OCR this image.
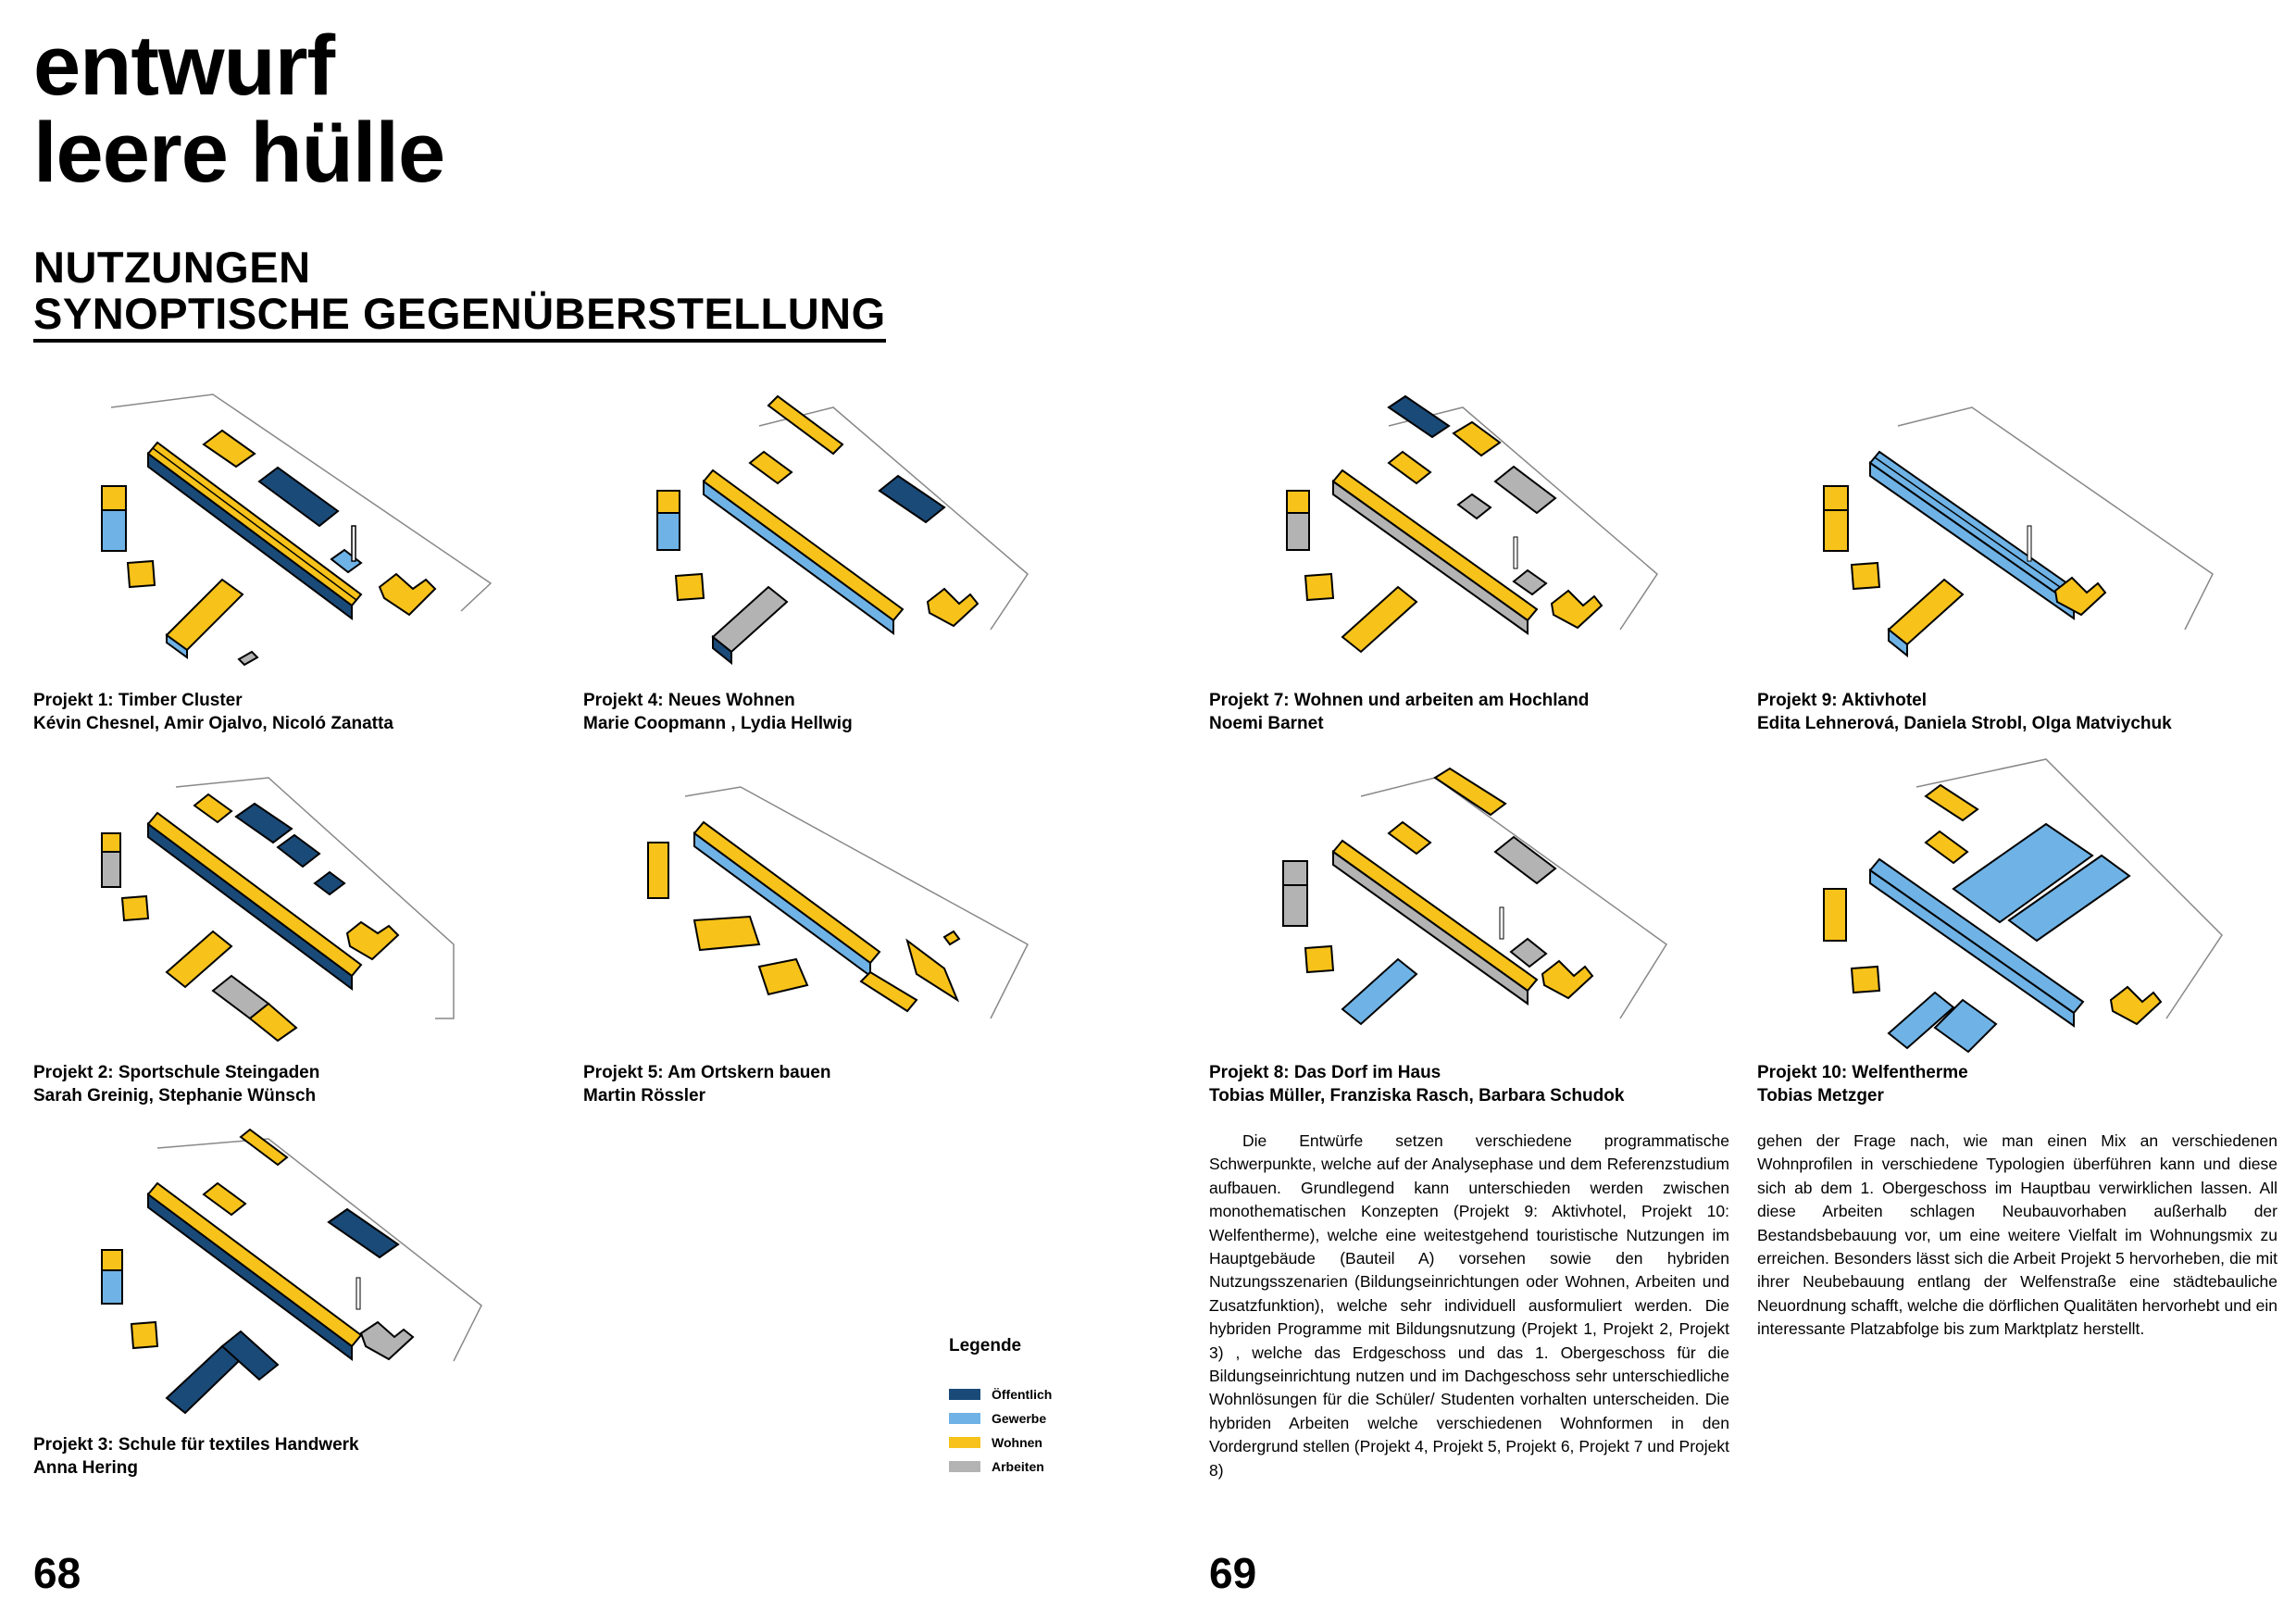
entwurf
leere hülle
NUTZUNGEN
SYNOPTISCHE GEGENÜBERSTELLUNG
Projekt 1: Timber Cluster
Kévin Chesnel, Amir Ojalvo, Nicoló Zanatta
Projekt 2: Sportschule Steingaden
Sarah Greinig, Stephanie Wünsch
Projekt 3: Schule für textiles Handwerk
Anna Hering
Projekt 4: Neues Wohnen
Marie Coopmann , Lydia Hellwig
Projekt 5: Am Ortskern bauen
Martin Rössler
Legende
Öffentlich
Gewerbe
Wohnen
Arbeiten
68
Projekt 7: Wohnen und arbeiten am Hochland
Noemi Barnet
Projekt 9: Aktivhotel
Edita Lehnerová, Daniela Strobl, Olga Matviychuk
Projekt 8: Das Dorf im Haus
Tobias Müller, Franziska Rasch, Barbara Schudok
Projekt 10: Welfentherme
Tobias Metzger

Die Entwürfe setzen verschiedene programmatische Schwerpunkte, welche auf der Analysephase und dem Referenzstudium aufbauen. Grundlegend kann unterschieden werden zwischen monothematischen Konzepten (Projekt 9: Aktivhotel, Projekt 10: Welfentherme), welche eine weitestgehend touristische Nutzungen im Hauptgebäude (Bauteil A) vorsehen sowie den hybriden Nutzungsszenarien (Bildungseinrichtungen oder Wohnen, Arbeiten und Zusatzfunktion), welche sehr individuell ausformuliert werden. Die hybriden Programme mit Bildungsnutzung (Projekt 1, Projekt 2, Projekt 3) , welche das Erdgeschoss und das 1. Obergeschoss für die Bildungseinrichtung nutzen und im Dachgeschoss sehr unterschiedliche Wohnlösungen für die Schüler/ Studenten vorhalten unterscheiden. Die hybriden Arbeiten welche verschiedenen Wohnformen in den Vordergrund stellen (Projekt 4, Projekt 5, Projekt 6, Projekt 7 und Projekt 8)

gehen der Frage nach, wie man einen Mix an verschiedenen Wohnprofilen in verschiedene Typologien überführen kann und diese sich ab dem 1. Obergeschoss im Hauptbau verwirklichen lassen. All diese Arbeiten schlagen Neubauvorhaben außerhalb der Bestandsbebauung vor, um eine weitere Vielfalt im Wohnungsmix zu erreichen. Besonders lässt sich die Arbeit Projekt 5 hervorheben, die mit ihrer Neubebauung entlang der Welfenstraße eine städtebauliche Neuordnung schafft, welche die dörflichen Qualitäten hervorhebt und ein interessante Platzabfolge bis zum Marktplatz herstellt.

69
